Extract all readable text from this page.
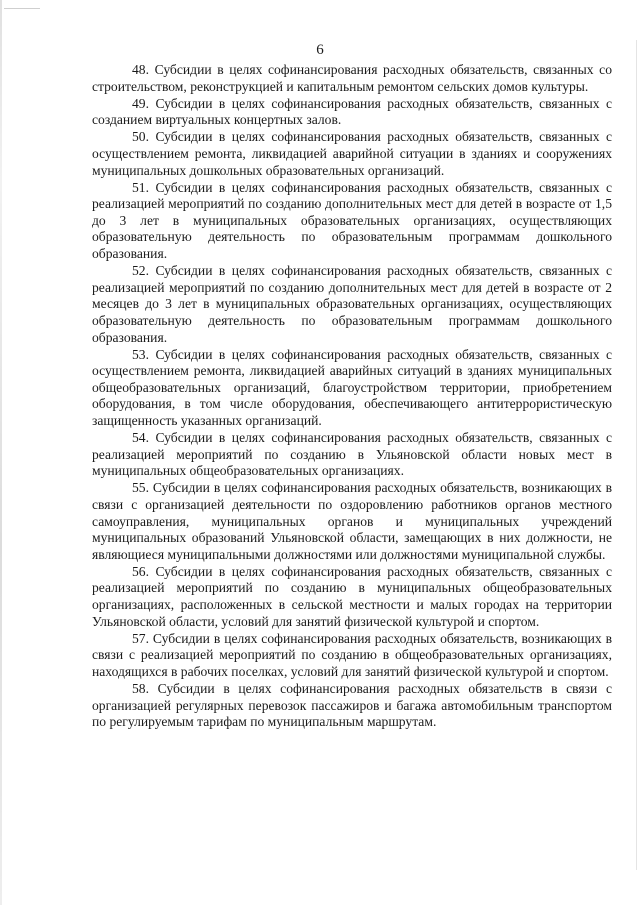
6

48. Субсидии в целях софинансирования расходных обязательств, связанных со строительством, реконструкцией и капитальным ремонтом сельских домов культуры.

49. Субсидии в целях софинансирования расходных обязательств, связанных с созданием виртуальных концертных залов.

50. Субсидии в целях софинансирования расходных обязательств, связанных с осуществлением ремонта, ликвидацией аварийной ситуации в зданиях и сооружениях муниципальных дошкольных образовательных организаций.

51. Субсидии в целях софинансирования расходных обязательств, связанных с реализацией мероприятий по созданию дополнительных мест для детей в возрасте от 1,5 до 3 лет в муниципальных образовательных организациях, осуществляющих образовательную деятельность по образовательным программам дошкольного образования.

52. Субсидии в целях софинансирования расходных обязательств, связанных с реализацией мероприятий по созданию дополнительных мест для детей в возрасте от 2 месяцев до 3 лет в муниципальных образовательных организациях, осуществляющих образовательную деятельность по образовательным программам дошкольного образования.

53. Субсидии в целях софинансирования расходных обязательств, связанных с осуществлением ремонта, ликвидацией аварийных ситуаций в зданиях муниципальных общеобразовательных организаций, благоустройством территории, приобретением оборудования, в том числе оборудования, обеспечивающего антитеррористическую защищенность указанных организаций.

54. Субсидии в целях софинансирования расходных обязательств, связанных с реализацией мероприятий по созданию в Ульяновской области новых мест в муниципальных общеобразовательных организациях.

55. Субсидии в целях софинансирования расходных обязательств, возникающих в связи с организацией деятельности по оздоровлению работников органов местного самоуправления, муниципальных органов и муниципальных учреждений муниципальных образований Ульяновской области, замещающих в них должности, не являющиеся муниципальными должностями или должностями муниципальной службы.

56. Субсидии в целях софинансирования расходных обязательств, связанных с реализацией мероприятий по созданию в муниципальных общеобразовательных организациях, расположенных в сельской местности и малых городах на территории Ульяновской области, условий для занятий физической культурой и спортом.

57. Субсидии в целях софинансирования расходных обязательств, возникающих в связи с реализацией мероприятий по созданию в общеобразовательных организациях, находящихся в рабочих поселках, условий для занятий физической культурой и спортом.

58. Субсидии в целях софинансирования расходных обязательств в связи с организацией регулярных перевозок пассажиров и багажа автомобильным транспортом по регулируемым тарифам по муниципальным маршрутам.
